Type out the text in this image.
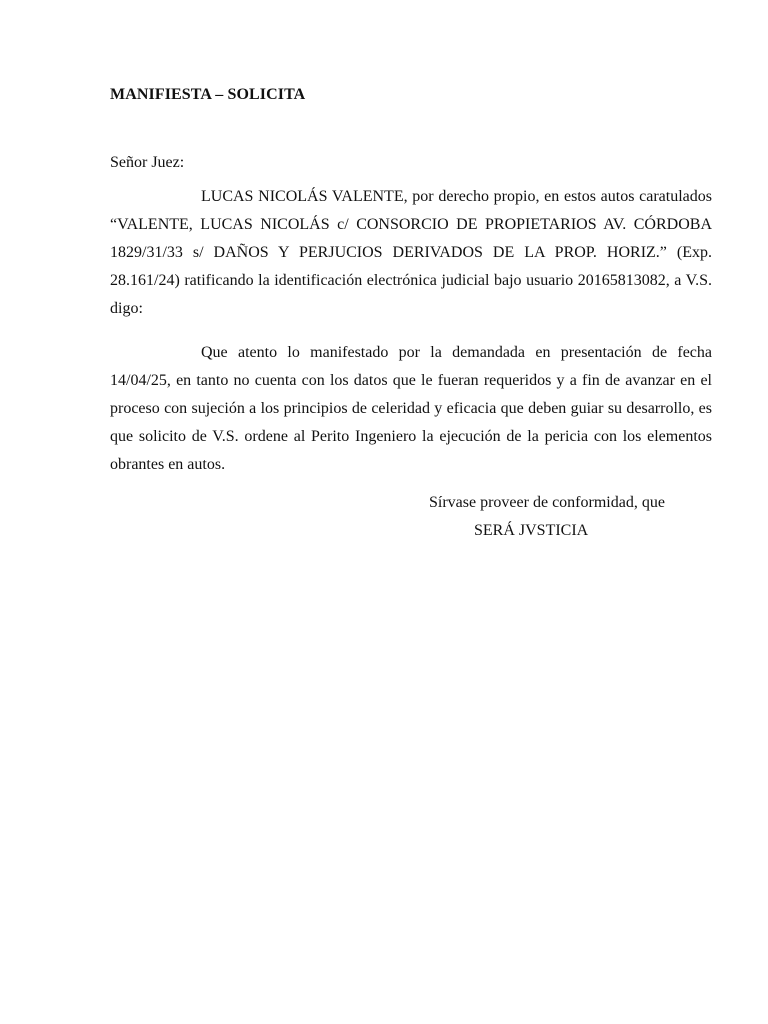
MANIFIESTA – SOLICITA
Señor Juez:

LUCAS NICOLÁS VALENTE, por derecho propio, en estos autos caratulados “VALENTE, LUCAS NICOLÁS c/ CONSORCIO DE PROPIETARIOS AV. CÓRDOBA 1829/31/33 s/ DAÑOS Y PERJUCIOS DERIVADOS DE LA PROP. HORIZ.” (Exp. 28.161/24) ratificando la identificación electrónica judicial bajo usuario 20165813082, a V.S. digo:

Que atento lo manifestado por la demandada en presentación de fecha 14/04/25, en tanto no cuenta con los datos que le fueran requeridos y a fin de avanzar en el proceso con sujeción a los principios de celeridad y eficacia que deben guiar su desarrollo, es que solicito de V.S. ordene al Perito Ingeniero la ejecución de la pericia con los elementos obrantes en autos.

Sírvase proveer de conformidad, que
SERÁ JVSTICIA
